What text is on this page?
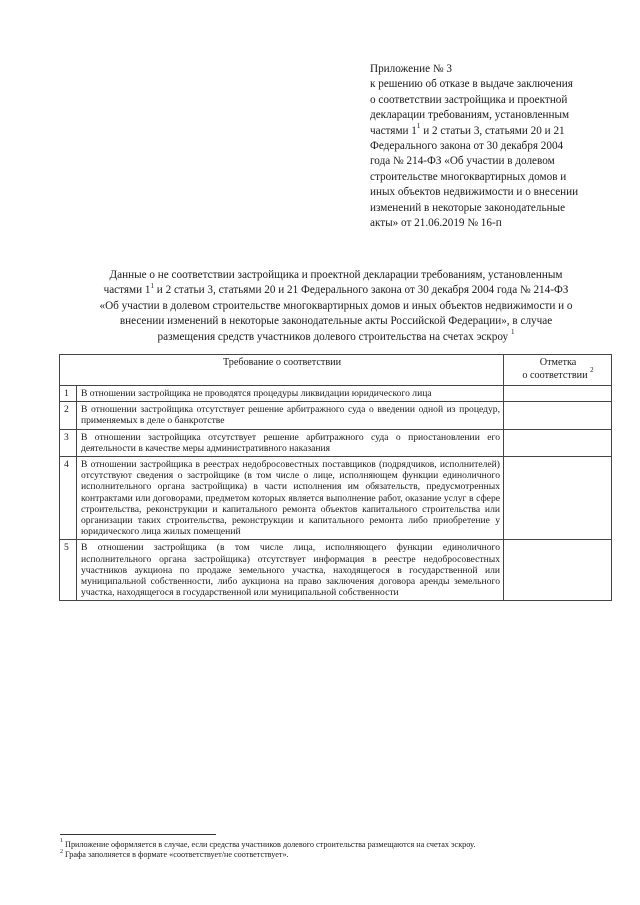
Приложение № 3

к решению об отказе в выдаче заключения

о соответствии застройщика и проектной

декларации требованиям, установленным

частями $1^1$ и 2 статьи 3, статьями 20 и 21

Федерального закона от 30 декабря 2004

года № 214-ФЗ «Об участии в долевом

строительстве многоквартирных домов и

иных объектов недвижимости и о внесении

изменений в некоторые законодательные

акты» от 21.06.2019 № 16-п

Данные о не соответствии застройщика и проектной декларации требованиям, установленным

частями $1^1$ и 2 статьи 3, статьями 20 и 21 Федерального закона от 30 декабря 2004 года № 214-ФЗ

«Об участии в долевом строительстве многоквартирных домов и иных объектов недвижимости и о

внесении изменений в некоторые законодательные акты Российской Федерации», в случае

размещения средств участников долевого строительства на счетах эскроу $^1$

Требование о соответствии		Отметка
о соответствии $^2$
1	В отношении застройщика не проводятся процедуры ликвидации юридического лица	
2	В отношении застройщика отсутствует решение арбитражного суда о введении одной из процедур, применяемых в деле о банкротстве	
3	В отношении застройщика отсутствует решение арбитражного суда о приостановлении его деятельности в качестве меры административного наказания	
4	В отношении застройщика в реестрах недобросовестных поставщиков (подрядчиков, исполнителей) отсутствуют сведения о застройщике (в том числе о лице, исполняющем функции единоличного исполнительного органа застройщика) в части исполнения им обязательств, предусмотренных контрактами или договорами, предметом которых является выполнение работ, оказание услуг в сфере строительства, реконструкции и капитального ремонта объектов капитального строительства или организации таких строительства, реконструкции и капитального ремонта либо приобретение у юридического лица жилых помещений	
5	В отношении застройщика (в том числе лица, исполняющего функции единоличного исполнительного органа застройщика) отсутствует информация в реестре недобросовестных участников аукциона по продаже земельного участка, находящегося в государственной или муниципальной собственности, либо аукциона на право заключения договора аренды земельного участка, находящегося в государственной или муниципальной собственности	

$^1$ Приложение оформляется в случае, если средства участников долевого строительства размещаются на счетах эскроу.

$^2$ Графа заполняется в формате «соответствует/не соответствует».
